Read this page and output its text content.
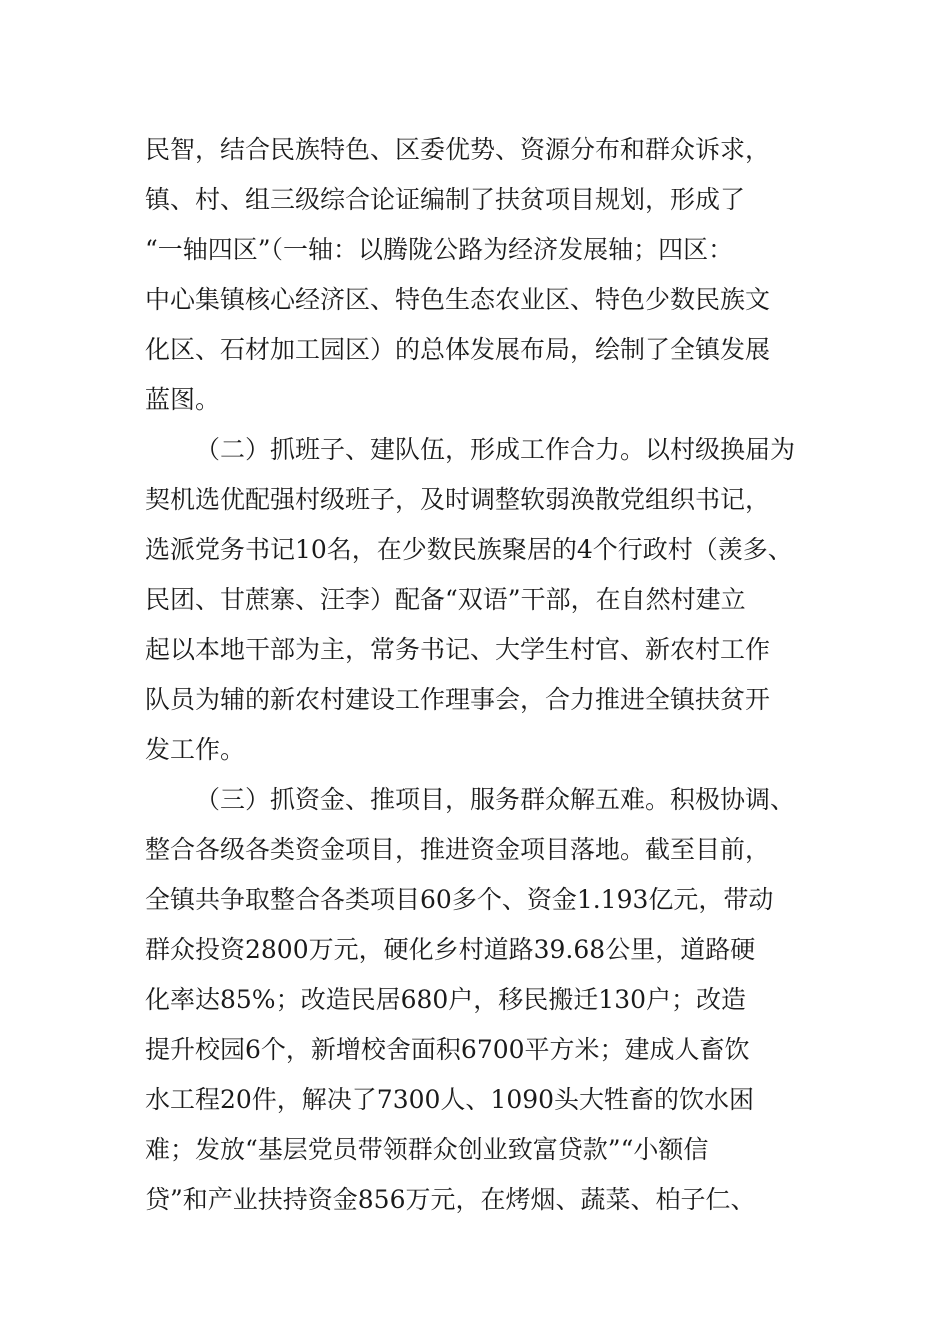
民智，结合民族特色、区委优势、资源分布和群众诉求，
镇、村、组三级综合论证编制了扶贫项目规划，形成了
“一轴四区”（一轴：以腾陇公路为经济发展轴；四区：
中心集镇核心经济区、特色生态农业区、特色少数民族文
化区、石材加工园区）的总体发展布局，绘制了全镇发展
蓝图。
（二）抓班子、建队伍，形成工作合力。以村级换届为
契机选优配强村级班子，及时调整软弱涣散党组织书记，
选派党务书记10名，在少数民族聚居的4个行政村（羡多、
民团、甘蔗寨、汪李）配备“双语”干部，在自然村建立
起以本地干部为主，常务书记、大学生村官、新农村工作
队员为辅的新农村建设工作理事会，合力推进全镇扶贫开
发工作。
（三）抓资金、推项目，服务群众解五难。积极协调、
整合各级各类资金项目，推进资金项目落地。截至目前，
全镇共争取整合各类项目60多个、资金1.193亿元，带动
群众投资2800万元，硬化乡村道路39.68公里，道路硬
化率达85%；改造民居680户，移民搬迁130户；改造
提升校园6个，新增校舍面积6700平方米；建成人畜饮
水工程20件，解决了7300人、1090头大牲畜的饮水困
难；发放“基层党员带领群众创业致富贷款”“小额信
贷”和产业扶持资金856万元，在烤烟、蔬菜、柏子仁、
